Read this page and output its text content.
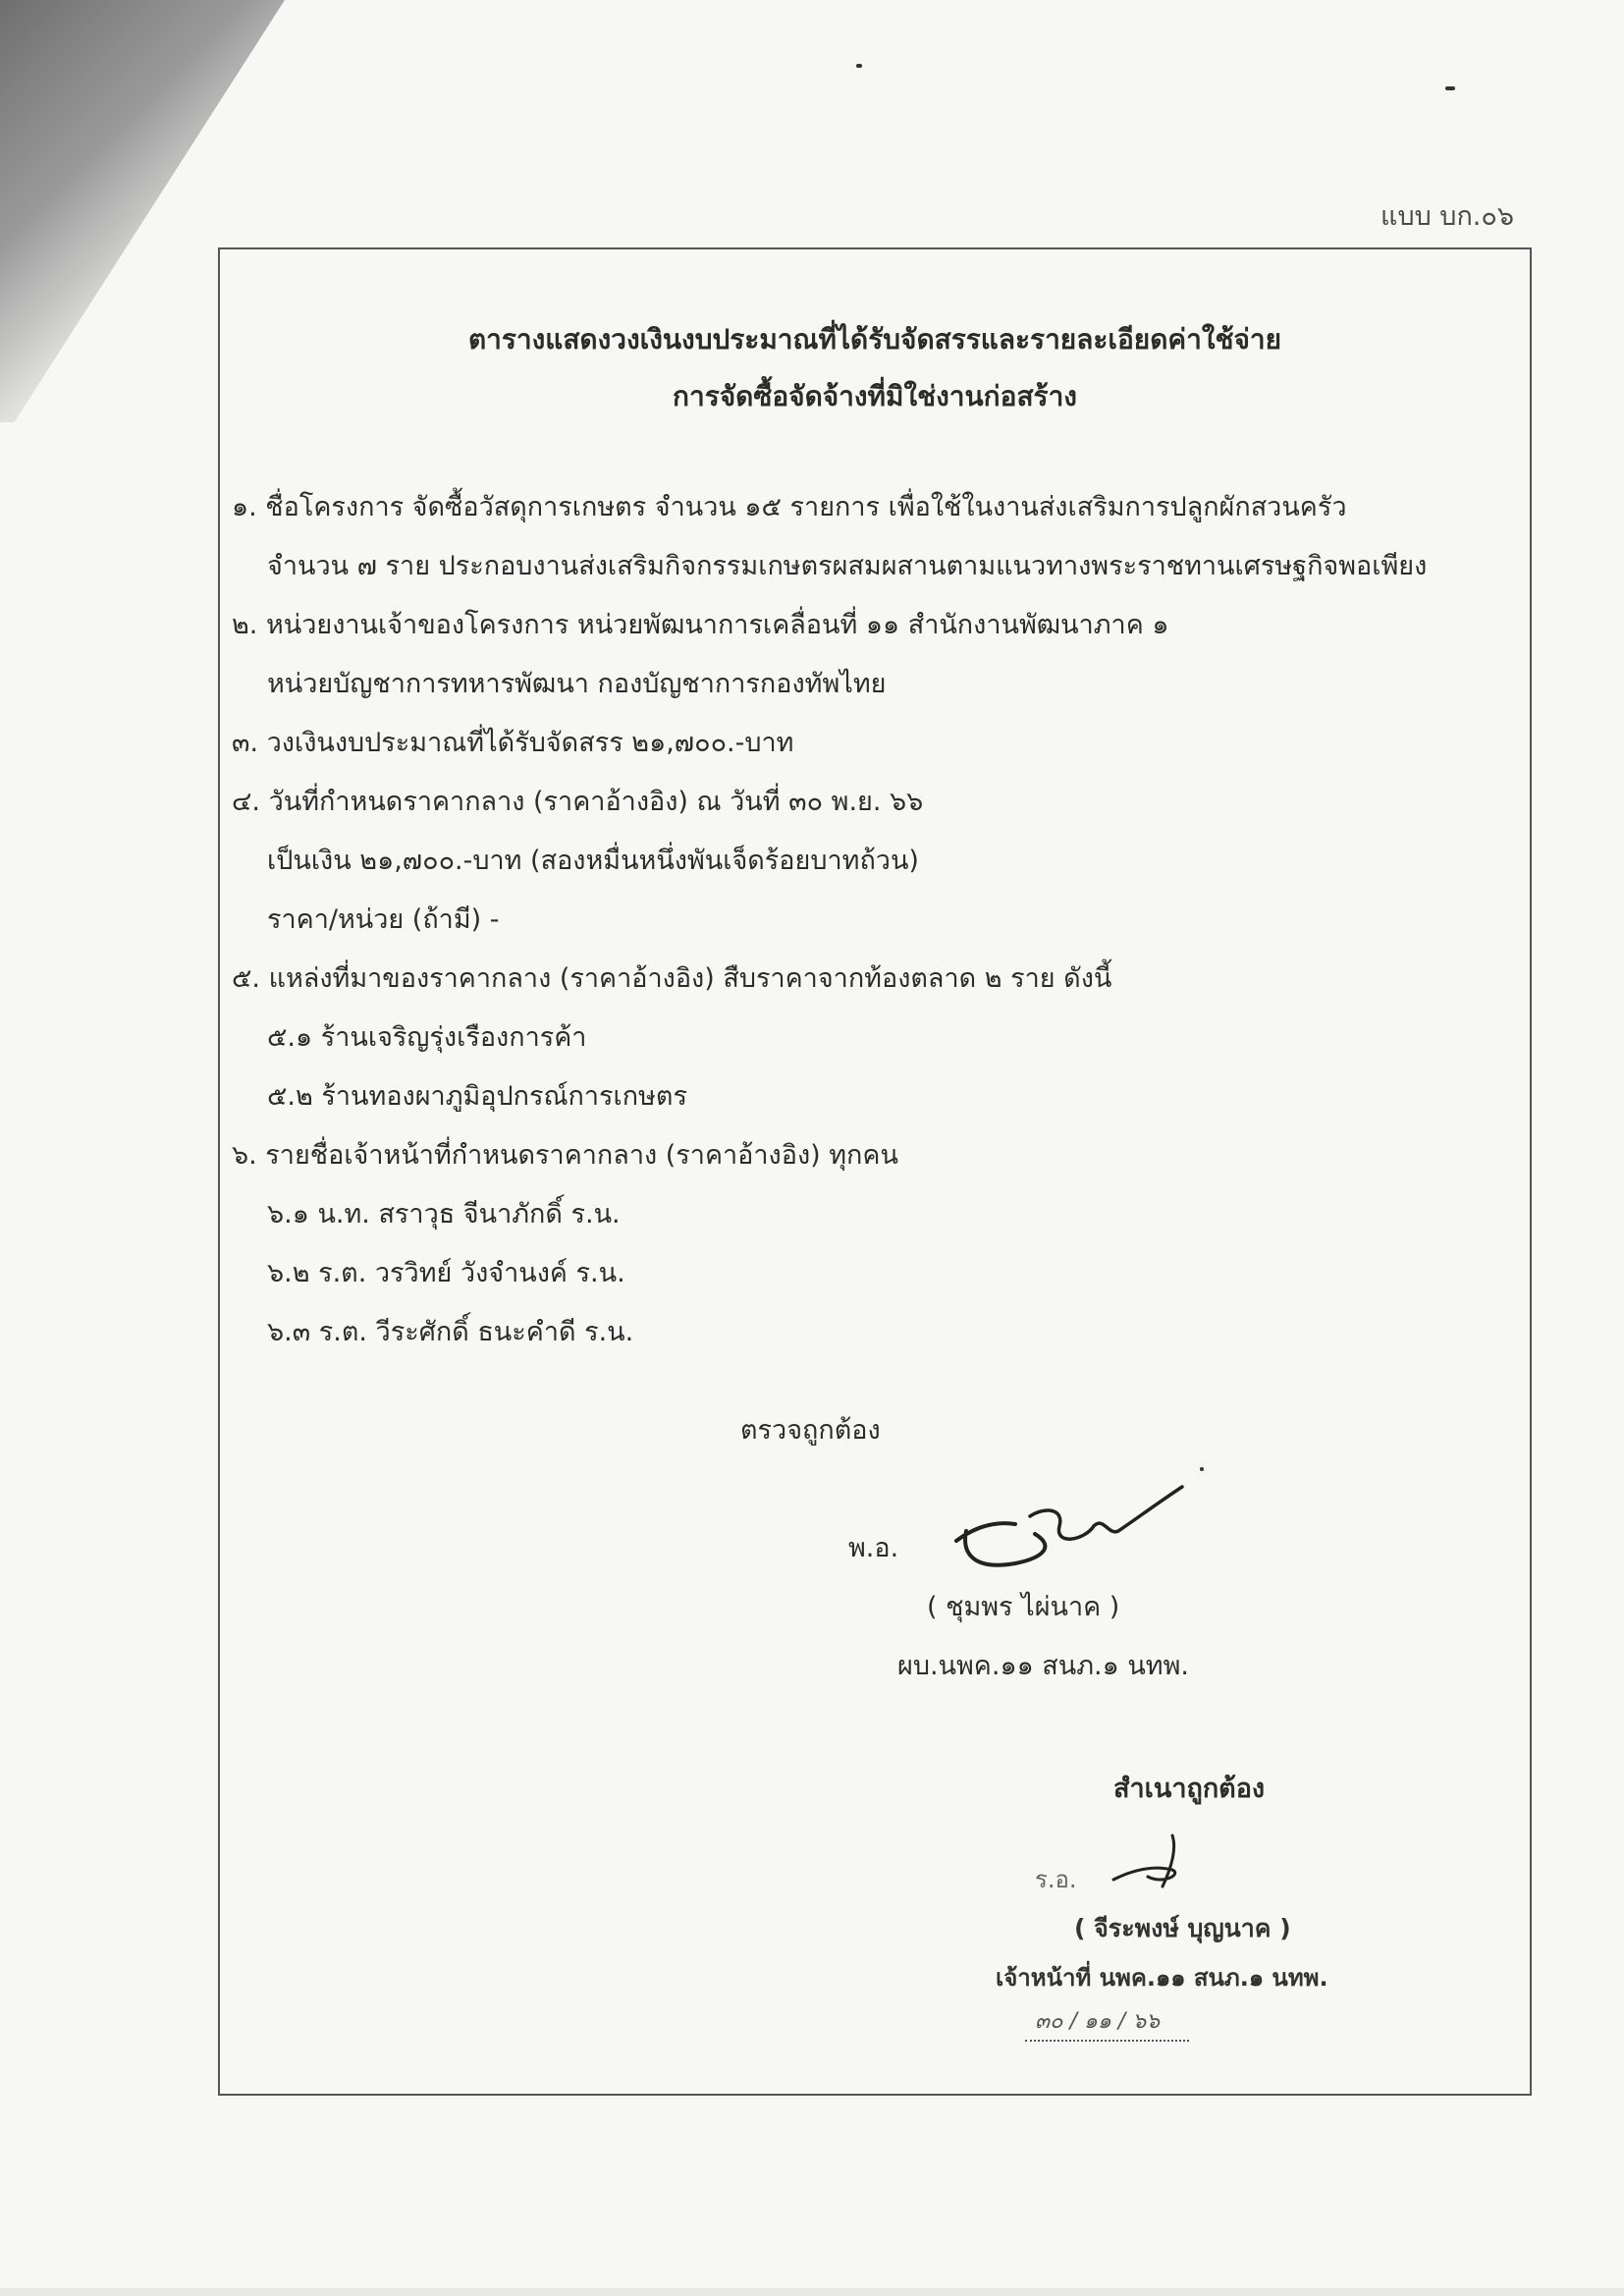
แบบ บก.๐๖
ตารางแสดงวงเงินงบประมาณที่ได้รับจัดสรรและรายละเอียดค่าใช้จ่าย
การจัดซื้อจัดจ้างที่มิใช่งานก่อสร้าง
๑. ชื่อโครงการ จัดซื้อวัสดุการเกษตร จำนวน ๑๕ รายการ เพื่อใช้ในงานส่งเสริมการปลูกผักสวนครัว
จำนวน ๗ ราย ประกอบงานส่งเสริมกิจกรรมเกษตรผสมผสานตามแนวทางพระราชทานเศรษฐกิจพอเพียง
๒. หน่วยงานเจ้าของโครงการ หน่วยพัฒนาการเคลื่อนที่ ๑๑ สำนักงานพัฒนาภาค ๑
หน่วยบัญชาการทหารพัฒนา กองบัญชาการกองทัพไทย
๓. วงเงินงบประมาณที่ได้รับจัดสรร ๒๑,๗๐๐.-บาท
๔. วันที่กำหนดราคากลาง (ราคาอ้างอิง) ณ วันที่ ๓๐ พ.ย. ๖๖
เป็นเงิน ๒๑,๗๐๐.-บาท (สองหมื่นหนึ่งพันเจ็ดร้อยบาทถ้วน)
ราคา/หน่วย (ถ้ามี) -
๕. แหล่งที่มาของราคากลาง (ราคาอ้างอิง) สืบราคาจากท้องตลาด ๒ ราย ดังนี้
๕.๑ ร้านเจริญรุ่งเรืองการค้า
๕.๒ ร้านทองผาภูมิอุปกรณ์การเกษตร
๖. รายชื่อเจ้าหน้าที่กำหนดราคากลาง (ราคาอ้างอิง) ทุกคน
๖.๑ น.ท. สราวุธ จีนาภักดิ์ ร.น.
๖.๒ ร.ต. วรวิทย์ วังจำนงค์ ร.น.
๖.๓ ร.ต. วีระศักดิ์ ธนะคำดี ร.น.
ตรวจถูกต้อง
พ.อ.
( ชุมพร ไผ่นาค )
ผบ.นพค.๑๑ สนภ.๑ นทพ.
สำเนาถูกต้อง
ร.อ.
( จีระพงษ์ บุญนาค )
เจ้าหน้าที่ นพค.๑๑ สนภ.๑ นทพ.
๓๐ / ๑๑ / ๖๖
